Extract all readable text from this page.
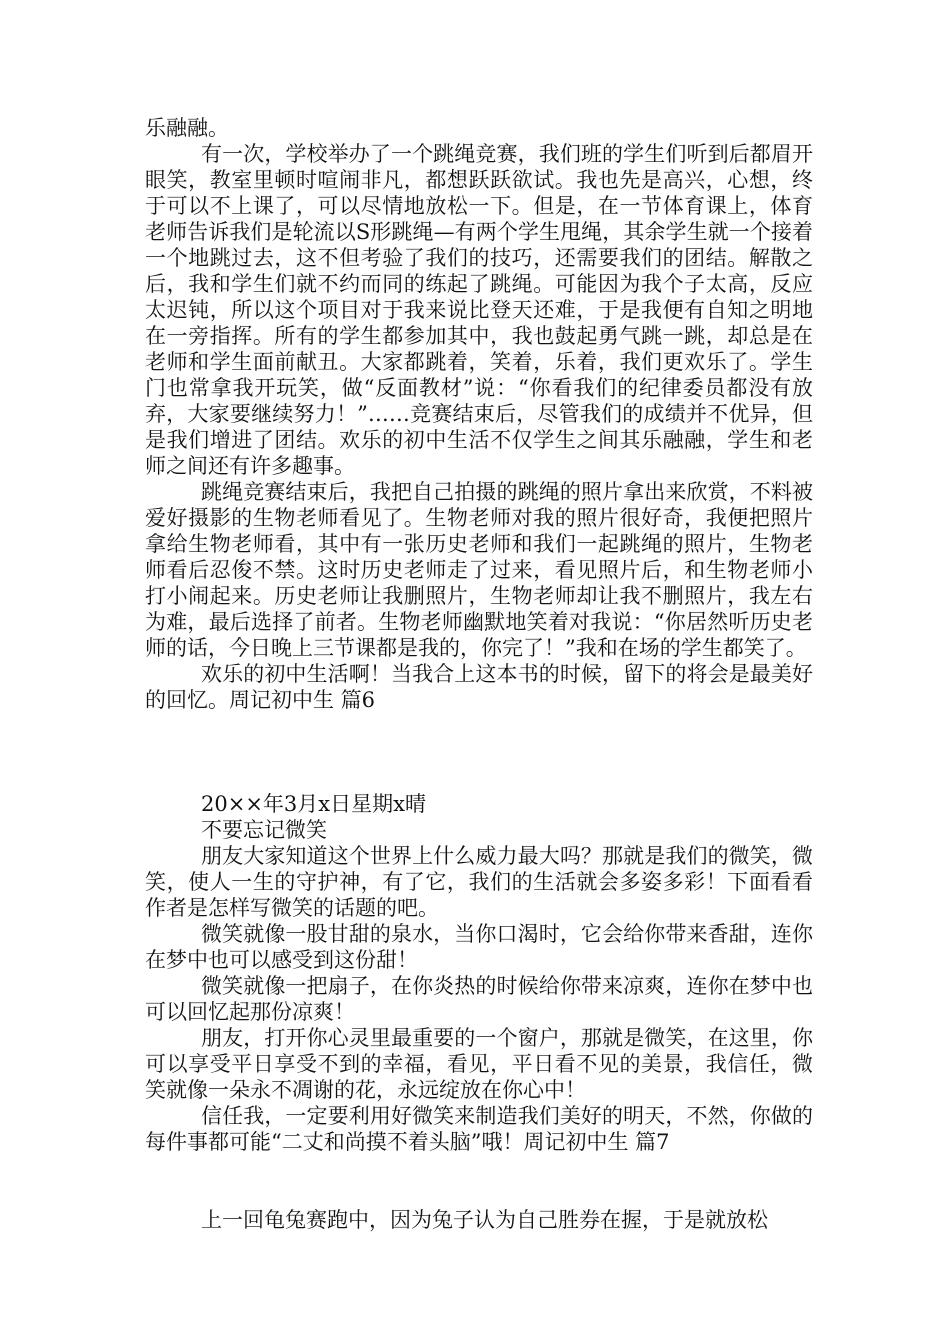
乐融融。

有一次，学校举办了一个跳绳竞赛，我们班的学生们听到后都眉开眼笑，教室里顿时喧闹非凡，都想跃跃欲试。我也先是高兴，心想，终于可以不上课了，可以尽情地放松一下。但是，在一节体育课上，体育老师告诉我们是轮流以S形跳绳—有两个学生甩绳，其余学生就一个接着一个地跳过去，这不但考验了我们的技巧，还需要我们的团结。解散之后，我和学生们就不约而同的练起了跳绳。可能因为我个子太高，反应太迟钝，所以这个项目对于我来说比登天还难，于是我便有自知之明地在一旁指挥。所有的学生都参加其中，我也鼓起勇气跳一跳，却总是在老师和学生面前献丑。大家都跳着，笑着，乐着，我们更欢乐了。学生门也常拿我开玩笑，做“反面教材”说：“你看我们的纪律委员都没有放弃，大家要继续努力！”……竞赛结束后，尽管我们的成绩并不优异，但是我们增进了团结。欢乐的初中生活不仅学生之间其乐融融，学生和老师之间还有许多趣事。

跳绳竞赛结束后，我把自己拍摄的跳绳的照片拿出来欣赏，不料被爱好摄影的生物老师看见了。生物老师对我的照片很好奇，我便把照片拿给生物老师看，其中有一张历史老师和我们一起跳绳的照片，生物老师看后忍俊不禁。这时历史老师走了过来，看见照片后，和生物老师小打小闹起来。历史老师让我删照片，生物老师却让我不删照片，我左右为难，最后选择了前者。生物老师幽默地笑着对我说：“你居然听历史老师的话，今日晚上三节课都是我的，你完了！”我和在场的学生都笑了。

欢乐的初中生活啊！当我合上这本书的时候，留下的将会是最美好的回忆。周记初中生 篇6

20××年3月x日星期x晴

不要忘记微笑

朋友大家知道这个世界上什么威力最大吗？那就是我们的微笑，微笑，使人一生的守护神，有了它，我们的生活就会多姿多彩！下面看看作者是怎样写微笑的话题的吧。

微笑就像一股甘甜的泉水，当你口渴时，它会给你带来香甜，连你在梦中也可以感受到这份甜！

微笑就像一把扇子，在你炎热的时候给你带来凉爽，连你在梦中也可以回忆起那份凉爽！

朋友，打开你心灵里最重要的一个窗户，那就是微笑，在这里，你可以享受平日享受不到的幸福，看见，平日看不见的美景，我信任，微笑就像一朵永不凋谢的花，永远绽放在你心中！

信任我，一定要利用好微笑来制造我们美好的明天，不然，你做的每件事都可能“二丈和尚摸不着头脑”哦！周记初中生 篇7

上一回龟兔赛跑中，因为兔子认为自己胜券在握，于是就放松
